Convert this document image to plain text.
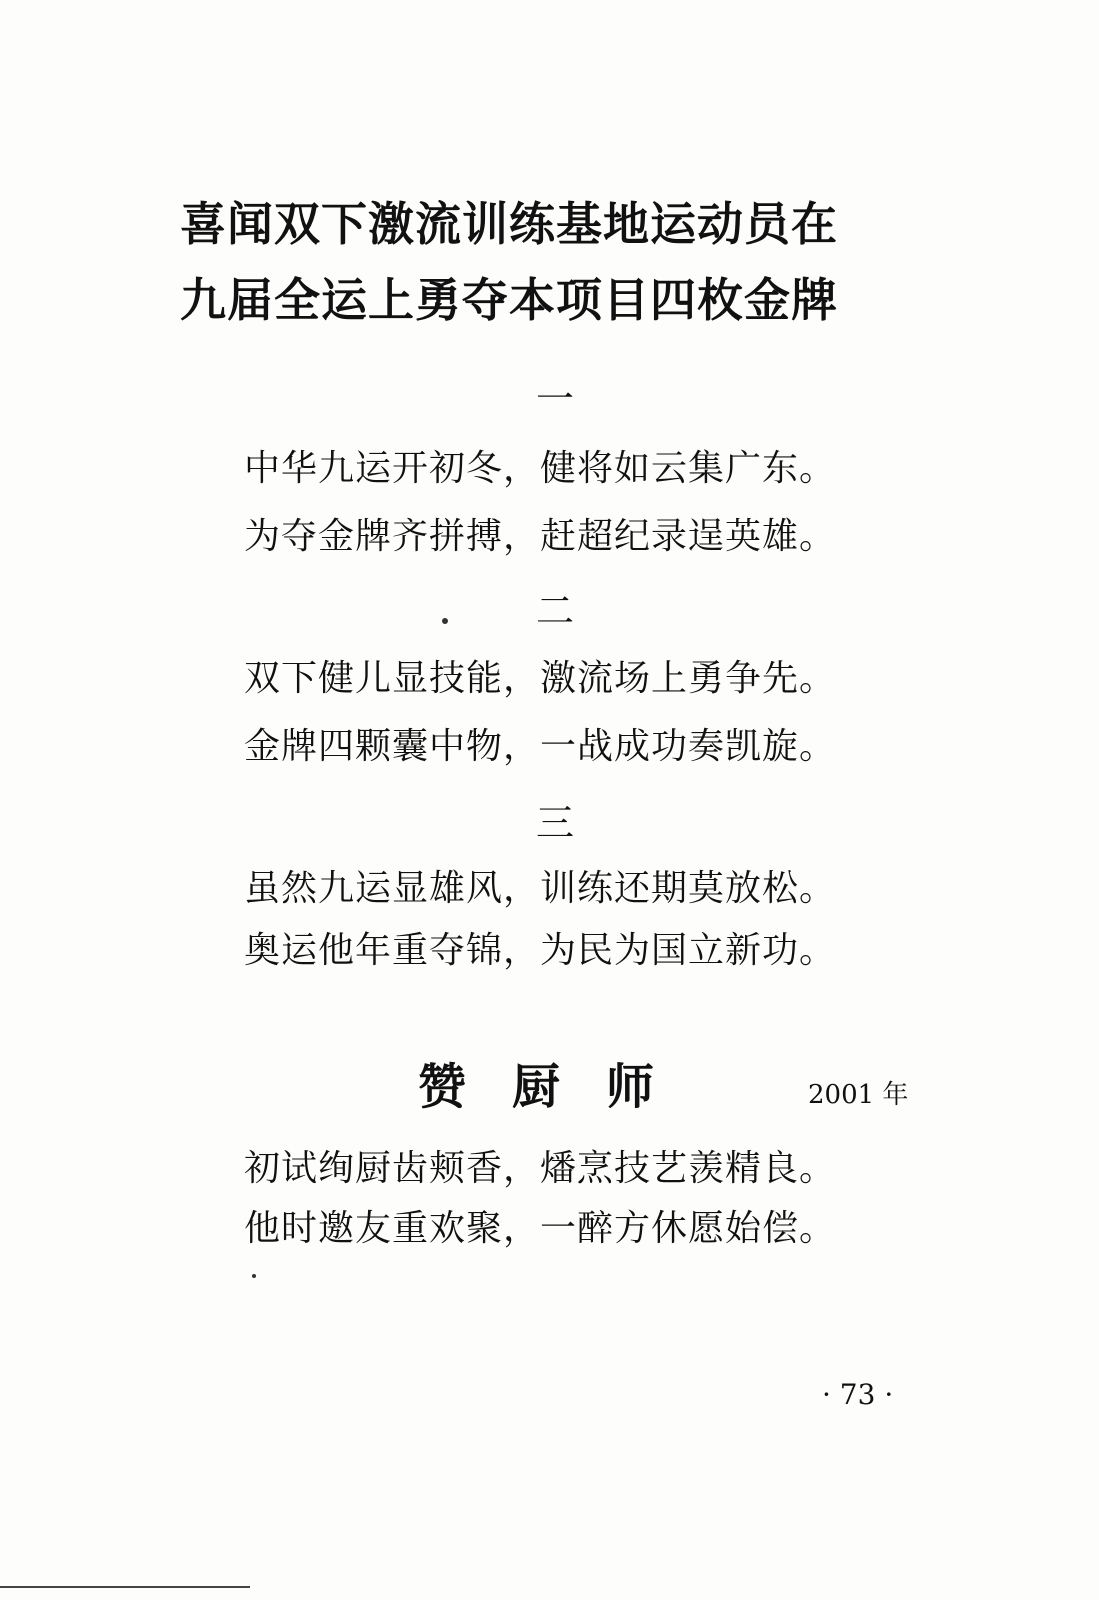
喜闻双下激流训练基地运动员在
九届全运上勇夺本项目四枚金牌
一
中华九运开初冬，健将如云集广东。
为夺金牌齐拼搏，赶超纪录逞英雄。
二
双下健儿显技能，激流场上勇争先。
金牌四颗囊中物，一战成功奏凯旋。
三
虽然九运显雄风，训练还期莫放松。
奥运他年重夺锦，为民为国立新功。
赞厨师	2001 年
初试绚厨齿颊香，燔烹技艺羡精良。
他时邀友重欢聚，一醉方休愿始偿。
· 73 ·
